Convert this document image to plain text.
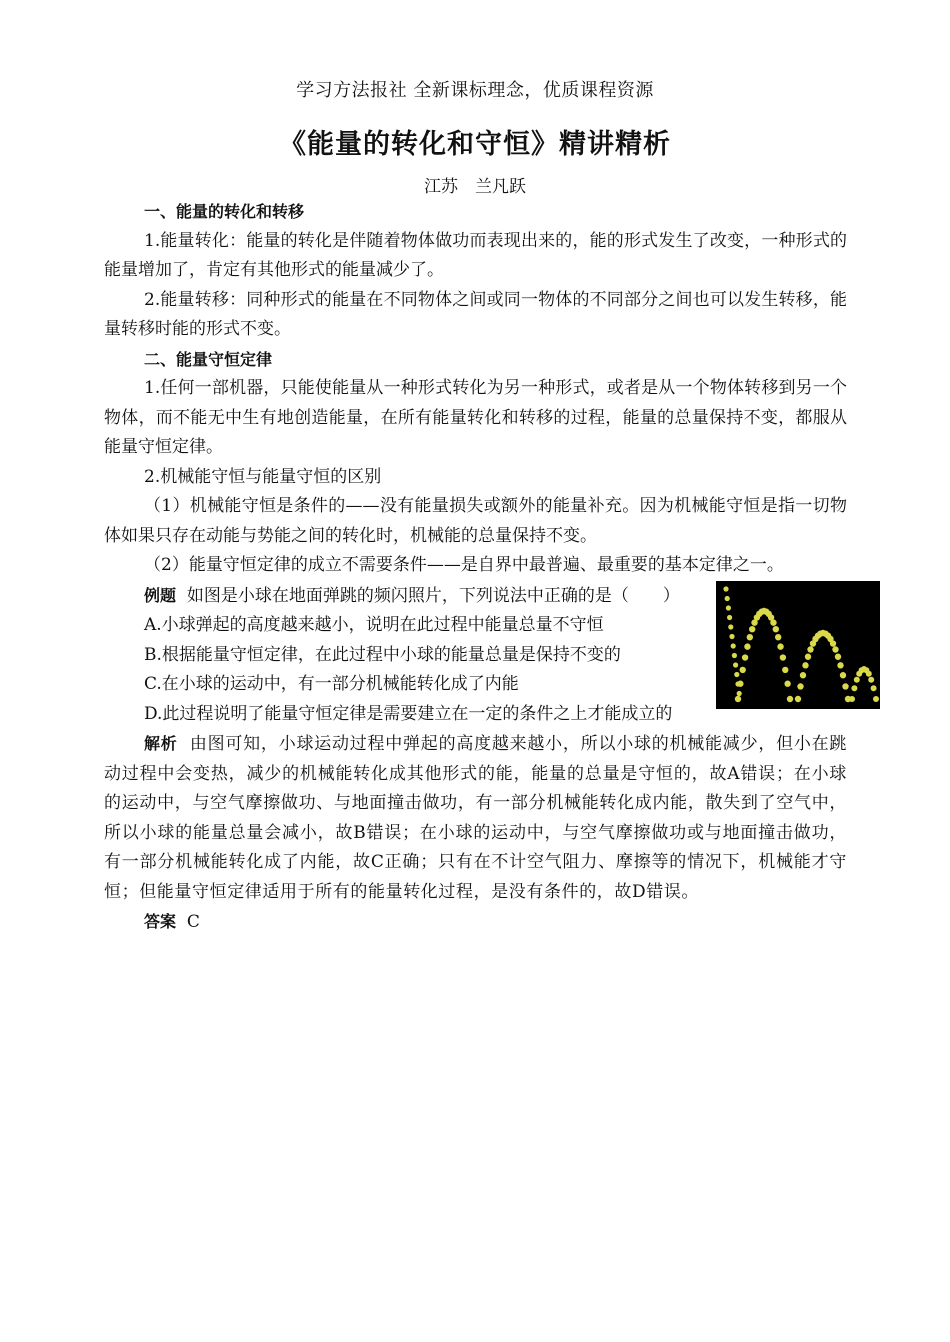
学习方法报社 全新课标理念，优质课程资源
《能量的转化和守恒》精讲精析
江苏　兰凡跃

一、能量的转化和转移

1.能量转化：能量的转化是伴随着物体做功而表现出来的，能的形式发生了改变，一种形式的能量增加了，肯定有其他形式的能量减少了。

2.能量转移：同种形式的能量在不同物体之间或同一物体的不同部分之间也可以发生转移，能量转移时能的形式不变。

二、能量守恒定律

1.任何一部机器，只能使能量从一种形式转化为另一种形式，或者是从一个物体转移到另一个物体，而不能无中生有地创造能量，在所有能量转化和转移的过程，能量的总量保持不变，都服从能量守恒定律。

2.机械能守恒与能量守恒的区别

（1）机械能守恒是条件的——没有能量损失或额外的能量补充。因为机械能守恒是指一切物体如果只存在动能与势能之间的转化时，机械能的总量保持不变。

（2）能量守恒定律的成立不需要条件——是自界中最普遍、最重要的基本定律之一。

例题 如图是小球在地面弹跳的频闪照片，下列说法中正确的是（　　）

A.小球弹起的高度越来越小，说明在此过程中能量总量不守恒

B.根据能量守恒定律，在此过程中小球的能量总量是保持不变的

C.在小球的运动中，有一部分机械能转化成了内能

D.此过程说明了能量守恒定律是需要建立在一定的条件之上才能成立的

解析 由图可知，小球运动过程中弹起的高度越来越小，所以小球的机械能减少，但小在跳动过程中会变热，减少的机械能转化成其他形式的能，能量的总量是守恒的，故A错误；在小球的运动中，与空气摩擦做功、与地面撞击做功，有一部分机械能转化成内能，散失到了空气中，所以小球的能量总量会减小，故B错误；在小球的运动中，与空气摩擦做功或与地面撞击做功，有一部分机械能转化成了内能，故C正确；只有在不计空气阻力、摩擦等的情况下，机械能才守恒；但能量守恒定律适用于所有的能量转化过程，是没有条件的，故D错误。

答案 C
